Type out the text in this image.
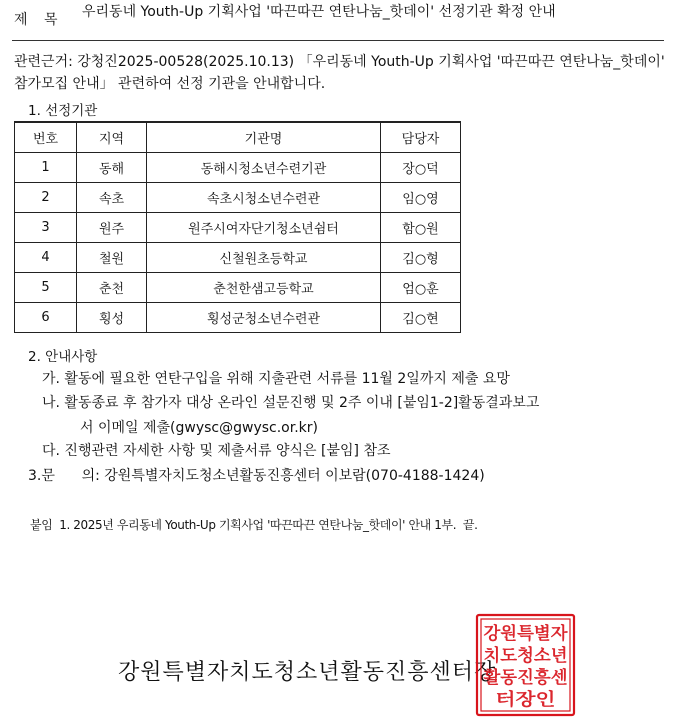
제 목 우리동네 Youth-Up 기획사업 '따끈따끈 연탄나눔_핫데이' 선정기관 확정 안내
관련근거: 강청진2025-00528(2025.10.13) 「우리동네 Youth-Up 기획사업 '따끈따끈 연탄나눔_핫데이' 참가모집 안내」 관련하여 선정 기관을 안내합니다.
1. 선정기관
번호	지역	기관명	담당자
1	동해	동해시청소년수련기관	장○덕
2	속초	속초시청소년수련관	임○영
3	원주	원주시여자단기청소년쉼터	함○원
4	철원	신철원초등학교	김○형
5	춘천	춘천한샘고등학교	엄○훈
6	횡성	횡성군청소년수련관	김○현
2. 안내사항
가. 활동에 필요한 연탄구입을 위해 지출관련 서류를 11월 2일까지 제출 요망
나. 활동종료 후 참가자 대상 온라인 설문진행 및 2주 이내 [붙임1-2]활동결과보고
서 이메일 제출(gwysc@gwysc.or.kr)
다. 진행관련 자세한 사항 및 제출서류 양식은 [붙임] 참조
3.문      의: 강원특별자치도청소년활동진흥센터 이보람(070-4188-1424)
붙임  1. 2025년 우리동네 Youth-Up 기획사업 '따끈따끈 연탄나눔_핫데이' 안내 1부.  끝.
강원특별자치도청소년활동진흥센터장
강원특별자
치도청소년
활동진흥센
터장인
